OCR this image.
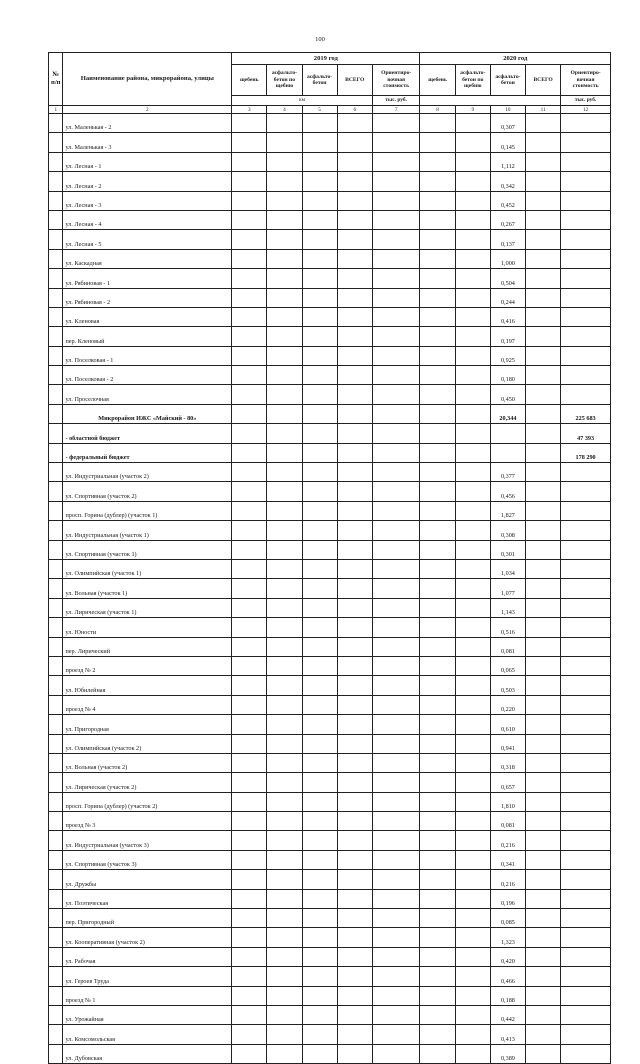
100
№ п/п	Наименование района, микрорайона, улицы	2019 год					2020 год				
		щебень	асфальто-бетон по щебню	асфальто-бетон	ВСЕГО	Ориентиро-вочная стоимость	щебень	асфальто-бетон по щебню	асфальто-бетон	ВСЕГО	Ориентиро-вочная стоимость
		км				тыс. руб.					тыс. руб.
1	2	3	4	5	6	7	8	9	10	11	12
	ул. Маленькая - 2								0,307		
	ул. Маленькая - 3								0,145		
	ул. Лесная - 1								1,112		
	ул. Лесная - 2								0,342		
	ул. Лесная - 3								0,452		
	ул. Лесная - 4								0,267		
	ул. Лесная - 5								0,137		
	ул. Каскадная								1,000		
	ул. Рябиновая - 1								0,504		
	ул. Рябиновая - 2								0,244		
	ул. Кленовая								0,416		
	пер. Кленовый								0,197		
	ул. Поселковая - 1								0,925		
	ул. Поселковая - 2								0,180		
	ул. Проселочная								0,450		
	Микрорайон ИЖС «Майский - 80»								20,344		225 683
	- областной бюджет										47 393
	- федеральный бюджет										178 290
	ул. Индустриальная (участок 2)								0,377		
	ул. Спортивная (участок 2)								0,456		
	просп. Горина (дублер) (участок 1)								1,827		
	ул. Индустриальная (участок 1)								0,308		
	ул. Спортивная (участок 1)								0,301		
	ул. Олимпийская (участок 1)								1,034		
	ул. Вольная (участок 1)								1,077		
	ул. Лирическая (участок 1)								1,143		
	ул. Юности								0,516		
	пер. Лирический								0,081		
	проезд № 2								0,065		
	ул. Юбилейная								0,503		
	проезд № 4								0,220		
	ул. Пригородная								0,610		
	ул. Олимпийская (участок 2)								0,941		
	ул. Вольная (участок 2)								0,318		
	ул. Лирическая (участок 2)								0,657		
	просп. Горина (дублер) (участок 2)								1,810		
	проезд № 3								0,081		
	ул. Индустриальная (участок 3)								0,216		
	ул. Спортивная (участок 3)								0,341		
	ул. Дружбы								0,216		
	ул. Поэтическая								0,196		
	пер. Пригородный								0,085		
	ул. Кооперативная (участок 2)								1,323		
	ул. Рабочая								0,420		
	ул. Героев Труда								0,466		
	проезд № 1								0,188		
	ул. Урожайная								0,442		
	ул. Комсомольская								0,413		
	ул. Дубовская								0,389		
